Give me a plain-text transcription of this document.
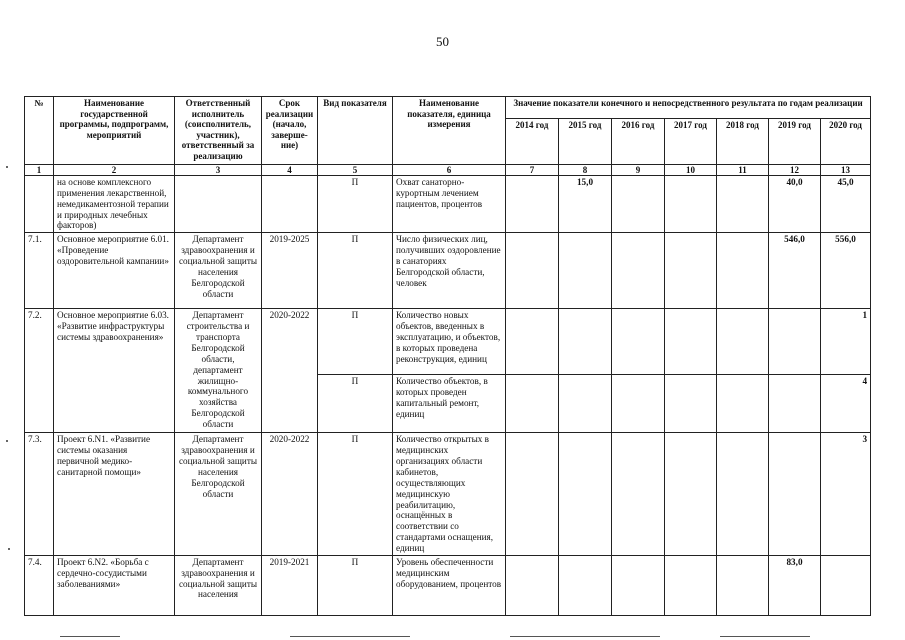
50
№	Наименование государственной программы, подпрограмм, мероприятий	Ответственный исполнитель (соисполнитель, участник), ответственный за реализацию	Срок реализации (начало, заверше-ние)	Вид показателя	Наименование показателя, единица измерения	Значение показатели конечного и непосредственного результата по годам реализации						
						2014 год	2015 год	2016 год	2017 год	2018 год	2019 год	2020 год
1	2	3	4	5	6	7	8	9	10	11	12	13
	на основе комплексного применения лекарственной, немедикаментозной терапии и природных лечебных факторов)			П	Охват санаторно-курортным лечением пациентов, процентов		15,0				40,0	45,0
7.1.	Основное мероприятие 6.01. «Проведение оздоровительной кампании»	Департамент здравоохранения и социальной защиты населения Белгородской области	2019-2025	П	Число физических лиц, получивших оздоровление в санаториях Белгородской области, человек						546,0	556,0
7.2.	Основное мероприятие 6.03. «Развитие инфраструктуры системы здравоохранения»	Департамент строительства и транспорта Белгородской области, департамент жилищно-коммунального хозяйства Белгородской области	2020-2022	П	Количество новых объектов, введенных в эксплуатацию, и объектов, в которых проведена реконструкция, единиц							1
				П	Количество объектов, в которых проведен капитальный ремонт, единиц							4
7.3.	Проект 6.N1. «Развитие системы оказания первичной медико-санитарной помощи»	Департамент здравоохранения и социальной защиты населения Белгородской области	2020-2022	П	Количество открытых в медицинских организациях области кабинетов, осуществляющих медицинскую реабилитацию, оснащённых в соответствии со стандартами оснащения, единиц							3
7.4.	Проект 6.N2. «Борьба с сердечно-сосудистыми заболеваниями»	Департамент здравоохранения и социальной защиты населения	2019-2021	П	Уровень обеспеченности медицинским оборудованием, процентов						83,0	
